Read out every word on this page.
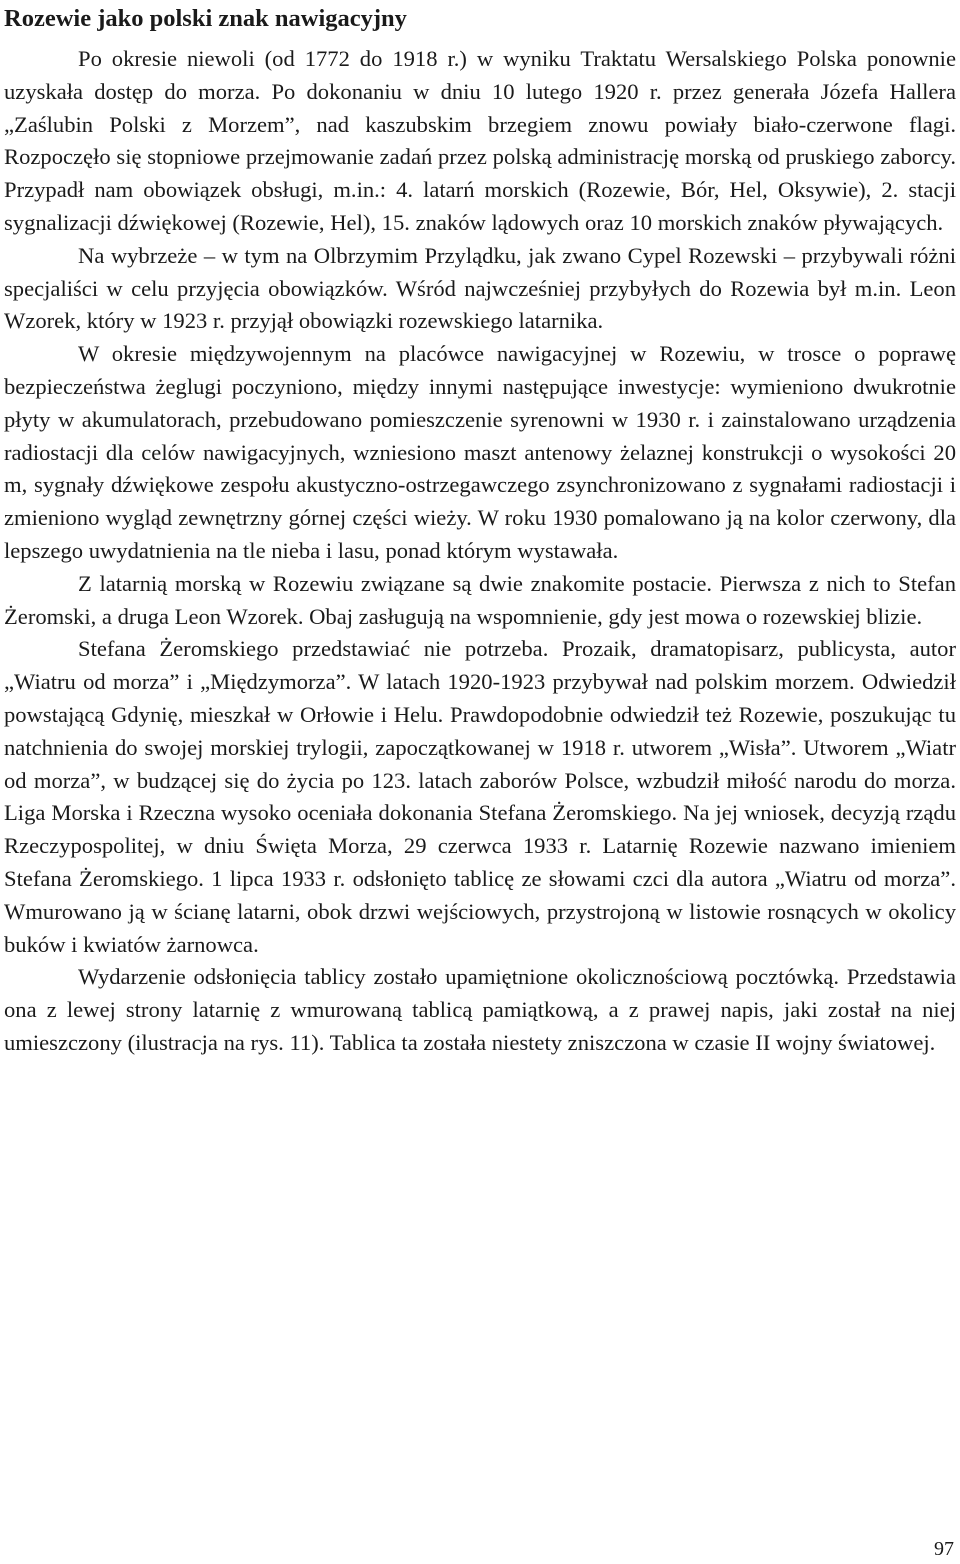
Rozewie jako polski znak nawigacyjny

Po okresie niewoli (od 1772 do 1918 r.) w wyniku Traktatu Wersalskiego Polska ponownie uzyskała dostęp do morza. Po dokonaniu w dniu 10 lutego 1920 r. przez generała Józefa Hallera „Zaślubin Polski z Morzem”, nad kaszubskim brzegiem znowu powiały biało-czerwone flagi. Rozpoczęło się stopniowe przejmowanie zadań przez polską administrację morską od pruskiego zaborcy. Przypadł nam obowiązek obsługi, m.in.: 4. latarń morskich (Rozewie, Bór, Hel, Oksywie), 2. stacji sygnalizacji dźwiękowej (Rozewie, Hel), 15. znaków lądowych oraz 10 morskich znaków pływających.

Na wybrzeże – w tym na Olbrzymim Przylądku, jak zwano Cypel Rozewski – przybywali różni specjaliści w celu przyjęcia obowiązków. Wśród najwcześniej przybyłych do Rozewia był m.in. Leon Wzorek, który w 1923 r. przyjął obowiązki rozewskiego latarnika.

W okresie międzywojennym na placówce nawigacyjnej w Rozewiu, w trosce o poprawę bezpieczeństwa żeglugi poczyniono, między innymi następujące inwestycje: wymieniono dwukrotnie płyty w akumulatorach, przebudowano pomieszczenie syrenowni w 1930 r. i zainstalowano urządzenia radiostacji dla celów nawigacyjnych, wzniesiono maszt antenowy żelaznej konstrukcji o wysokości 20 m, sygnały dźwiękowe zespołu akustyczno-ostrzegawczego zsynchronizowano z sygnałami radiostacji i zmieniono wygląd zewnętrzny górnej części wieży. W roku 1930 pomalowano ją na kolor czerwony, dla lepszego uwydatnienia na tle nieba i lasu, ponad którym wystawała.

Z latarnią morską w Rozewiu związane są dwie znakomite postacie. Pierwsza z nich to Stefan Żeromski, a druga Leon Wzorek. Obaj zasługują na wspomnienie, gdy jest mowa o rozewskiej blizie.

Stefana Żeromskiego przedstawiać nie potrzeba. Prozaik, dramatopisarz, publicysta, autor „Wiatru od morza” i „Międzymorza”. W latach 1920-1923 przybywał nad polskim morzem. Odwiedził powstającą Gdynię, mieszkał w Orłowie i Helu. Prawdopodobnie odwiedził też Rozewie, poszukując tu natchnienia do swojej morskiej trylogii, zapoczątkowanej w 1918 r. utworem „Wisła”. Utworem „Wiatr od morza”, w budzącej się do życia po 123. latach zaborów Polsce, wzbudził miłość narodu do morza. Liga Morska i Rzeczna wysoko oceniała dokonania Stefana Żeromskiego. Na jej wniosek, decyzją rządu Rzeczypospolitej, w dniu Święta Morza, 29 czerwca 1933 r. Latarnię Rozewie nazwano imieniem Stefana Żeromskiego. 1 lipca 1933 r. odsłonięto tablicę ze słowami czci dla autora „Wiatru od morza”. Wmurowano ją w ścianę latarni, obok drzwi wejściowych, przystrojoną w listowie rosnących w okolicy buków i kwiatów żarnowca.

Wydarzenie odsłonięcia tablicy zostało upamiętnione okolicznościową pocztówką. Przedstawia ona z lewej strony latarnię z wmurowaną tablicą pamiątkową, a z prawej napis, jaki został na niej umieszczony (ilustracja na rys. 11). Tablica ta została niestety zniszczona w czasie II wojny światowej.

97
